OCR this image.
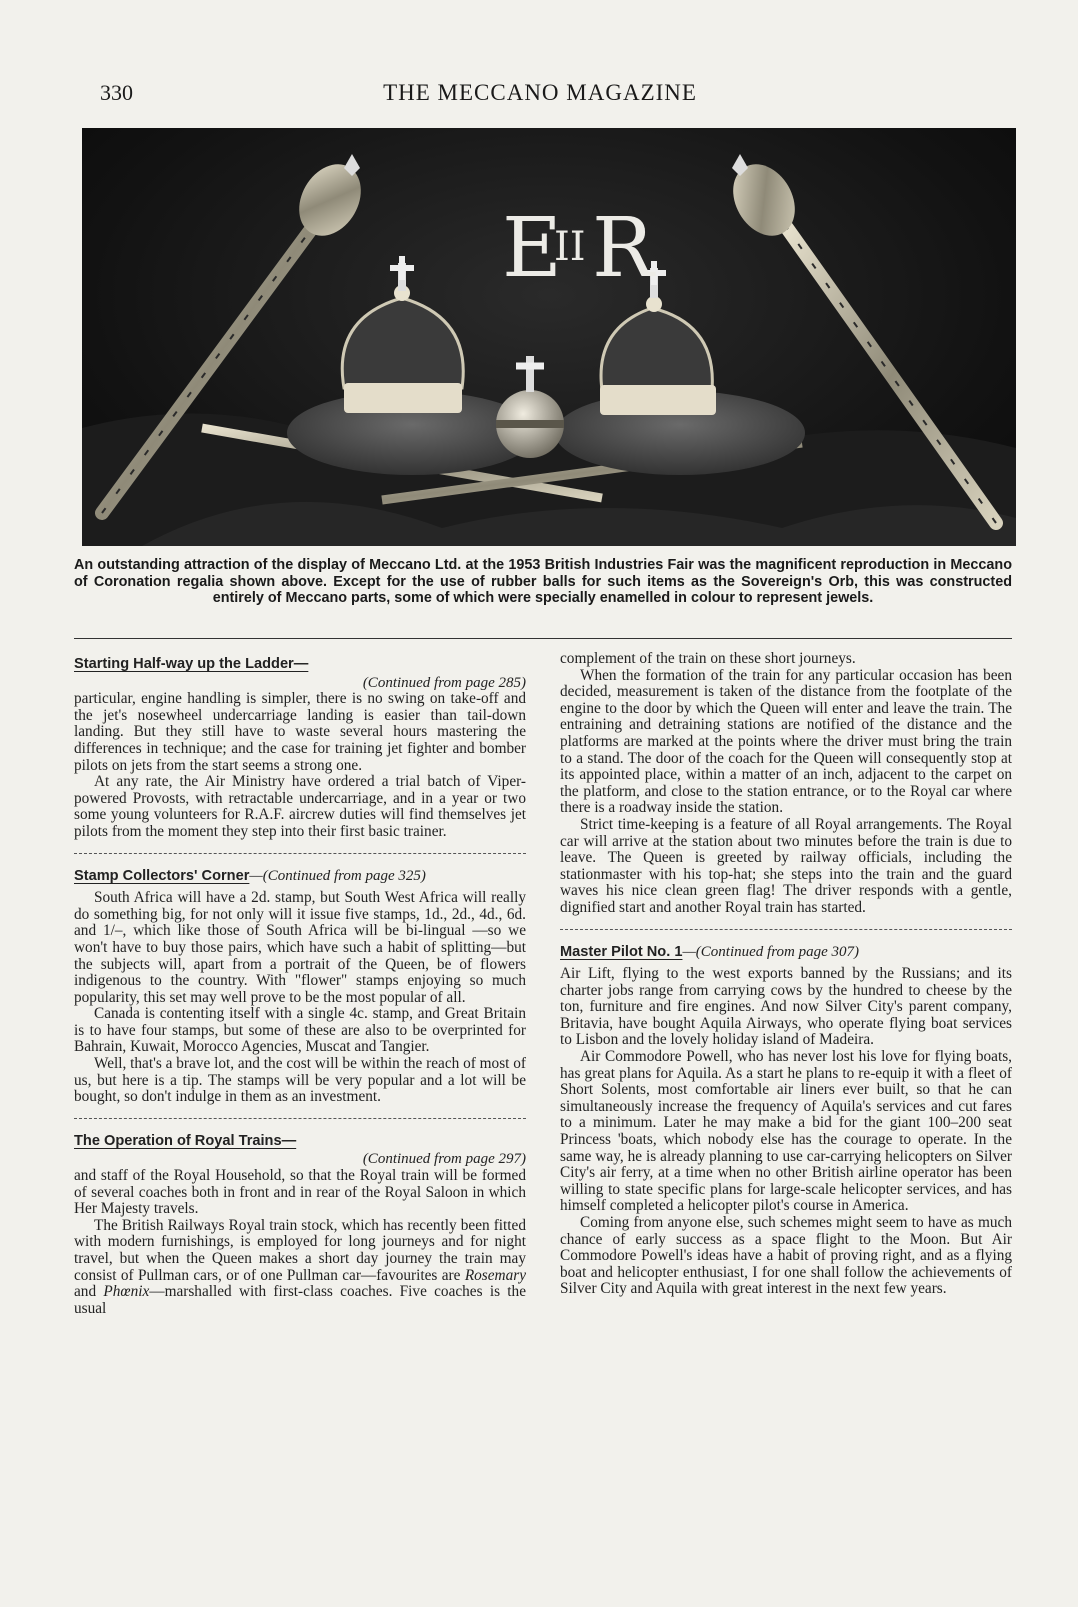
330	THE MECCANO MAGAZINE
E
II R
An outstanding attraction of the display of Meccano Ltd. at the 1953 British Industries Fair was the magnificent reproduction in Meccano of Coronation regalia shown above. Except for the use of rubber balls for such items as the Sovereign's Orb, this was constructed entirely of Meccano parts, some of which were specially enamelled in colour to represent jewels.
Starting Half-way up the Ladder—
(Continued from page 285)

particular, engine handling is simpler, there is no swing on take-off and the jet's nosewheel undercarriage landing is easier than tail-down landing. But they still have to waste several hours mastering the differences in technique; and the case for training jet fighter and bomber pilots on jets from the start seems a strong one.

At any rate, the Air Ministry have ordered a trial batch of Viper-powered Provosts, with retractable undercarriage, and in a year or two some young volunteers for R.A.F. aircrew duties will find themselves jet pilots from the moment they step into their first basic trainer.

Stamp Collectors' Corner—(Continued from page 325)

South Africa will have a 2d. stamp, but South West Africa will really do something big, for not only will it issue five stamps, 1d., 2d., 4d., 6d. and 1/–, which like those of South Africa will be bi-lingual —so we won't have to buy those pairs, which have such a habit of splitting—but the subjects will, apart from a portrait of the Queen, be of flowers indigenous to the country. With "flower" stamps enjoying so much popularity, this set may well prove to be the most popular of all.

Canada is contenting itself with a single 4c. stamp, and Great Britain is to have four stamps, but some of these are also to be overprinted for Bahrain, Kuwait, Morocco Agencies, Muscat and Tangier.

Well, that's a brave lot, and the cost will be within the reach of most of us, but here is a tip. The stamps will be very popular and a lot will be bought, so don't indulge in them as an investment.

The Operation of Royal Trains—
(Continued from page 297)

and staff of the Royal Household, so that the Royal train will be formed of several coaches both in front and in rear of the Royal Saloon in which Her Majesty travels.

The British Railways Royal train stock, which has recently been fitted with modern furnishings, is employed for long journeys and for night travel, but when the Queen makes a short day journey the train may consist of Pullman cars, or of one Pullman car—favourites are Rosemary and Phœnix—marshalled with first-class coaches. Five coaches is the usual

complement of the train on these short journeys.

When the formation of the train for any particular occasion has been decided, measurement is taken of the distance from the footplate of the engine to the door by which the Queen will enter and leave the train. The entraining and detraining stations are notified of the distance and the platforms are marked at the points where the driver must bring the train to a stand. The door of the coach for the Queen will consequently stop at its appointed place, within a matter of an inch, adjacent to the carpet on the platform, and close to the station entrance, or to the Royal car where there is a roadway inside the station.

Strict time-keeping is a feature of all Royal arrangements. The Royal car will arrive at the station about two minutes before the train is due to leave. The Queen is greeted by railway officials, including the stationmaster with his top-hat; she steps into the train and the guard waves his nice clean green flag! The driver responds with a gentle, dignified start and another Royal train has started.

Master Pilot No. 1—(Continued from page 307)

Air Lift, flying to the west exports banned by the Russians; and its charter jobs range from carrying cows by the hundred to cheese by the ton, furniture and fire engines. And now Silver City's parent company, Britavia, have bought Aquila Airways, who operate flying boat services to Lisbon and the lovely holiday island of Madeira.

Air Commodore Powell, who has never lost his love for flying boats, has great plans for Aquila. As a start he plans to re-equip it with a fleet of Short Solents, most comfortable air liners ever built, so that he can simultaneously increase the frequency of Aquila's services and cut fares to a minimum. Later he may make a bid for the giant 100–200 seat Princess 'boats, which nobody else has the courage to operate. In the same way, he is already planning to use car-carrying helicopters on Silver City's air ferry, at a time when no other British airline operator has been willing to state specific plans for large-scale helicopter services, and has himself completed a helicopter pilot's course in America.

Coming from anyone else, such schemes might seem to have as much chance of early success as a space flight to the Moon. But Air Commodore Powell's ideas have a habit of proving right, and as a flying boat and helicopter enthusiast, I for one shall follow the achievements of Silver City and Aquila with great interest in the next few years.
